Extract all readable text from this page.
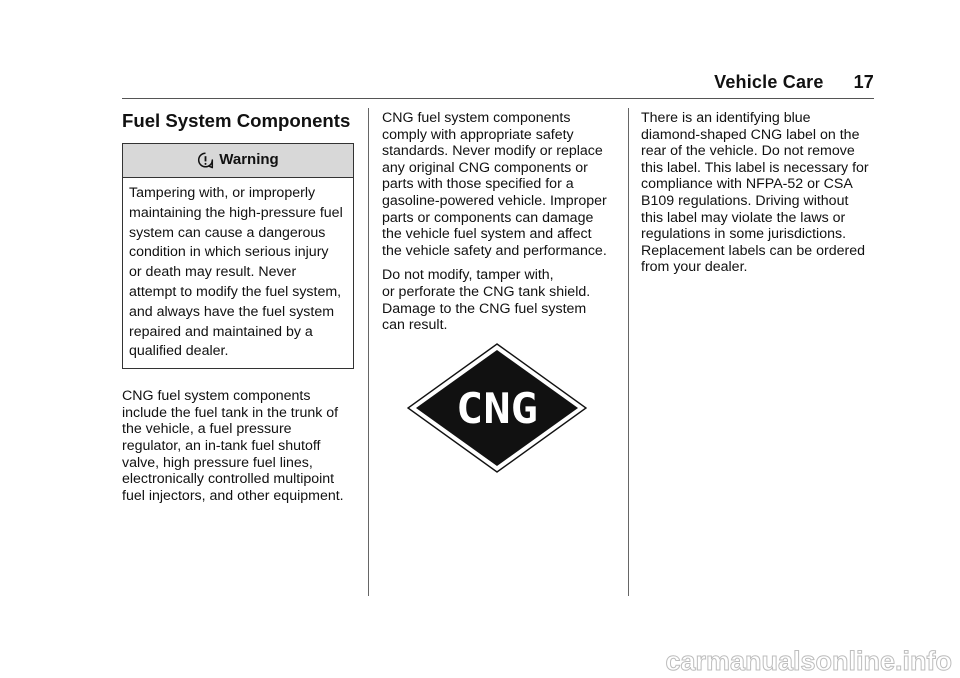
Vehicle Care 17
Fuel System Components
Warning
Tampering with, or improperly
maintaining the high-pressure fuel
system can cause a dangerous
condition in which serious injury
or death may result. Never
attempt to modify the fuel system,
and always have the fuel system
repaired and maintained by a
qualified dealer.

CNG fuel system components
include the fuel tank in the trunk of
the vehicle, a fuel pressure
regulator, an in-tank fuel shutoff
valve, high pressure fuel lines,
electronically controlled multipoint
fuel injectors, and other equipment.

CNG fuel system components
comply with appropriate safety
standards. Never modify or replace
any original CNG components or
parts with those specified for a
gasoline-powered vehicle. Improper
parts or components can damage
the vehicle fuel system and affect
the vehicle safety and performance.

Do not modify, tamper with,
or perforate the CNG tank shield.
Damage to the CNG fuel system
can result.

CNG

There is an identifying blue
diamond-shaped CNG label on the
rear of the vehicle. Do not remove
this label. This label is necessary for
compliance with NFPA-52 or CSA
B109 regulations. Driving without
this label may violate the laws or
regulations in some jurisdictions.
Replacement labels can be ordered
from your dealer.

carmanualsonline.info
